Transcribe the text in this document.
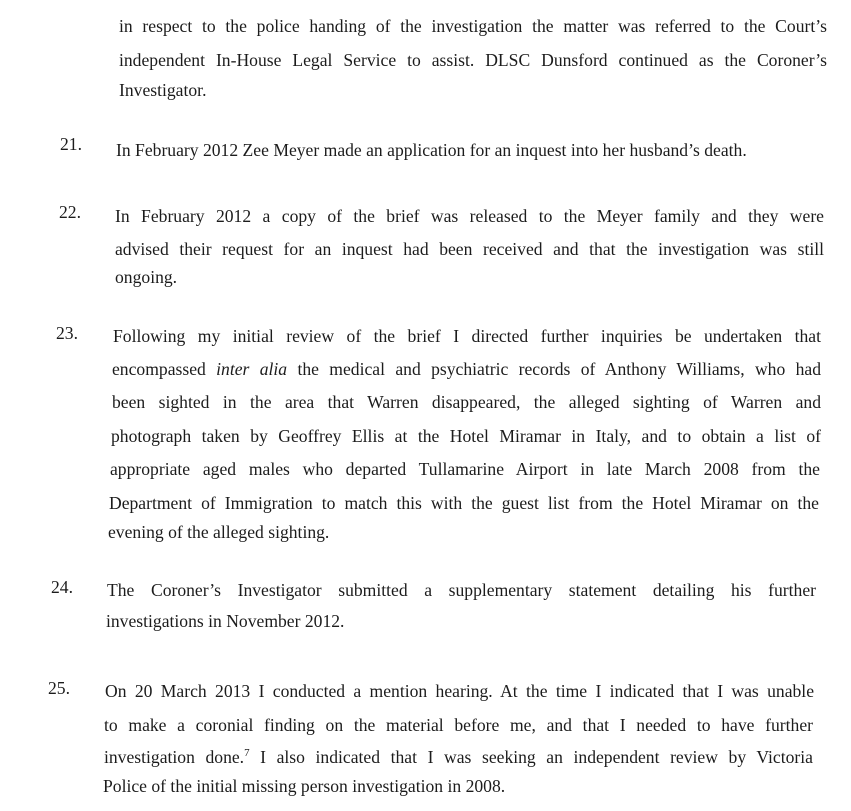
in respect to the police handing of the investigation the matter was referred to the Court’s
independent In-House Legal Service to assist. DLSC Dunsford continued as the Coroner’s
Investigator.
21. In February 2012 Zee Meyer made an application for an inquest into her husband’s death.
22. In February 2012 a copy of the brief was released to the Meyer family and they were
advised their request for an inquest had been received and that the investigation was still
ongoing.
23. Following my initial review of the brief I directed further inquiries be undertaken that
encompassed inter alia the medical and psychiatric records of Anthony Williams, who had
been sighted in the area that Warren disappeared, the alleged sighting of Warren and
photograph taken by Geoffrey Ellis at the Hotel Miramar in Italy, and to obtain a list of
appropriate aged males who departed Tullamarine Airport in late March 2008 from the
Department of Immigration to match this with the guest list from the Hotel Miramar on the
evening of the alleged sighting.
24. The Coroner’s Investigator submitted a supplementary statement detailing his further
investigations in November 2012.
25. On 20 March 2013 I conducted a mention hearing. At the time I indicated that I was unable
to make a coronial finding on the material before me, and that I needed to have further
investigation done.$^7$ I also indicated that I was seeking an independent review by Victoria
Police of the initial missing person investigation in 2008.
